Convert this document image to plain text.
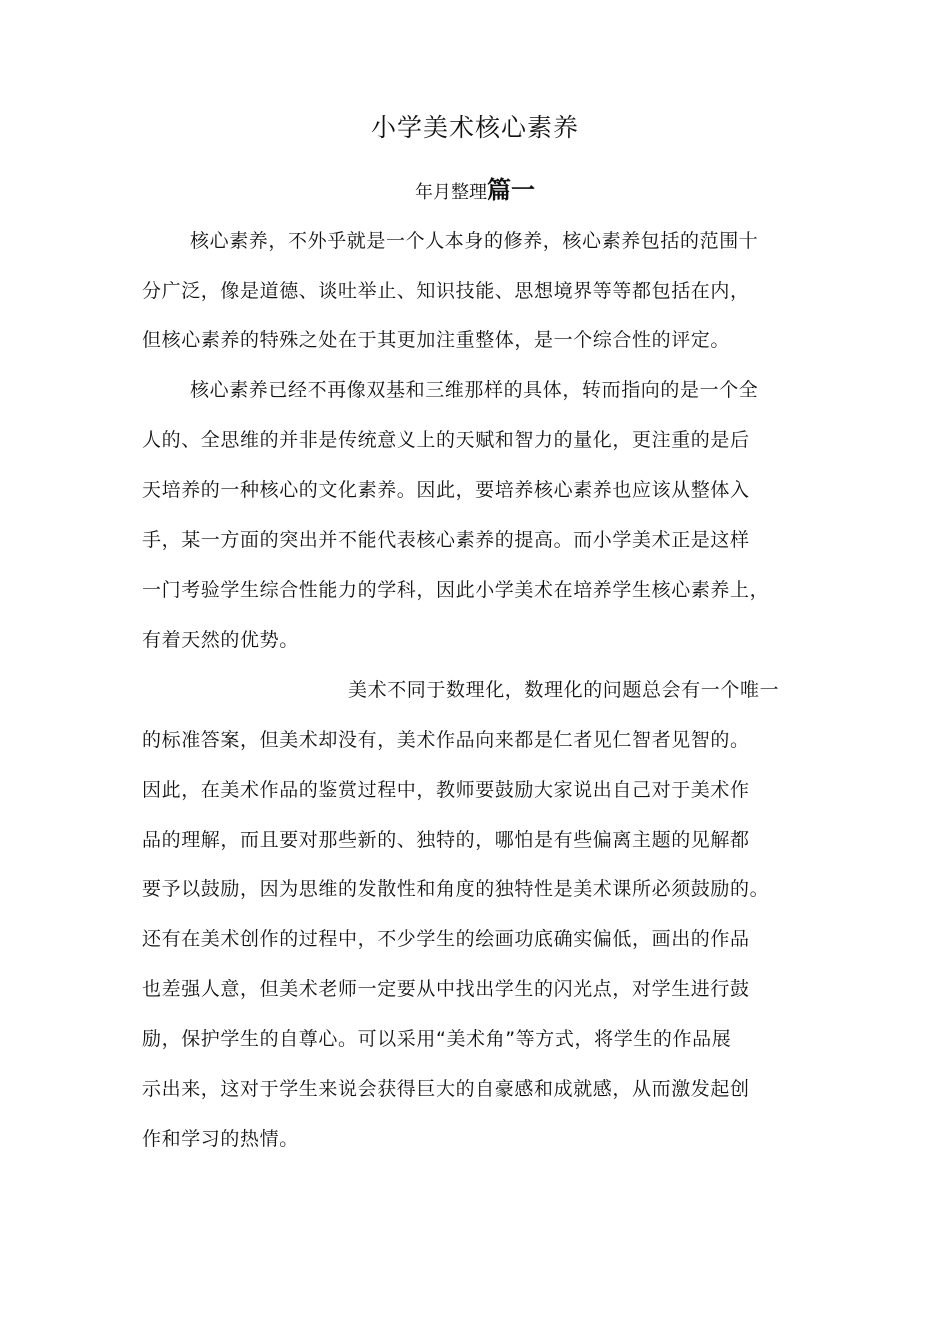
小学美术核心素养
年月整理篇一
核心素养，不外乎就是一个人本身的修养，核心素养包括的范围十
分广泛，像是道德、谈吐举止、知识技能、思想境界等等都包括在内，
但核心素养的特殊之处在于其更加注重整体，是一个综合性的评定。
核心素养已经不再像双基和三维那样的具体，转而指向的是一个全
人的、全思维的并非是传统意义上的天赋和智力的量化，更注重的是后
天培养的一种核心的文化素养。因此，要培养核心素养也应该从整体入
手，某一方面的突出并不能代表核心素养的提高。而小学美术正是这样
一门考验学生综合性能力的学科，因此小学美术在培养学生核心素养上，
有着天然的优势。
美术不同于数理化，数理化的问题总会有一个唯一
的标准答案，但美术却没有，美术作品向来都是仁者见仁智者见智的。
因此，在美术作品的鉴赏过程中，教师要鼓励大家说出自己对于美术作
品的理解，而且要对那些新的、独特的，哪怕是有些偏离主题的见解都
要予以鼓励，因为思维的发散性和角度的独特性是美术课所必须鼓励的。
还有在美术创作的过程中，不少学生的绘画功底确实偏低，画出的作品
也差强人意，但美术老师一定要从中找出学生的闪光点，对学生进行鼓
励，保护学生的自尊心。可以采用“美术角”等方式，将学生的作品展
示出来，这对于学生来说会获得巨大的自豪感和成就感，从而激发起创
作和学习的热情。
